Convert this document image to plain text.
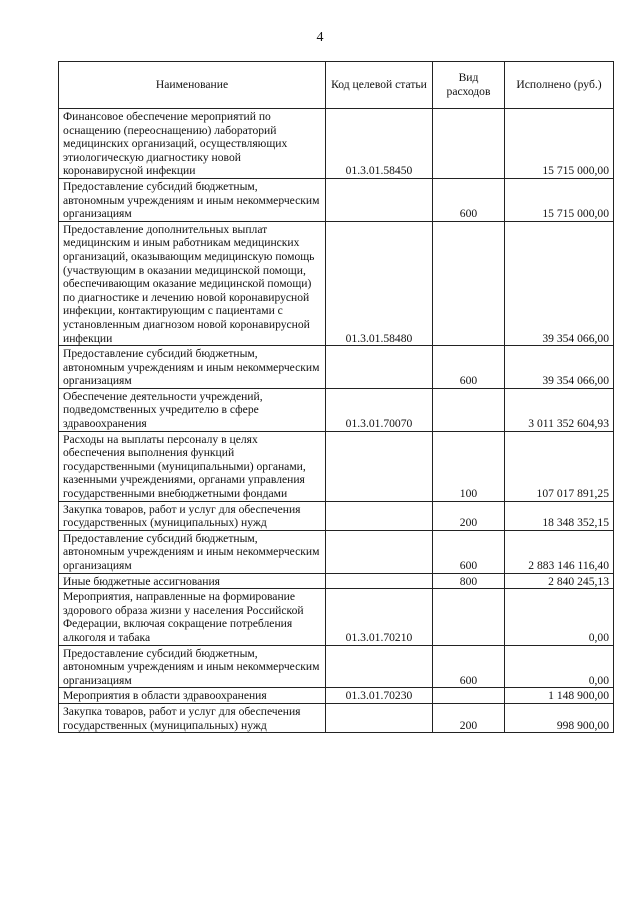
4
Наименование	Код целевой статьи	Вид расходов	Исполнено (руб.)
Финансовое обеспечение мероприятий по оснащению (переоснащению) лабораторий медицинских организаций, осуществляющих этиологическую диагностику новой коронавирусной инфекции	01.3.01.58450		15 715 000,00
Предоставление субсидий бюджетным, автономным учреждениям и иным некоммерческим организациям		600	15 715 000,00
Предоставление дополнительных выплат медицинским и иным работникам медицинских организаций, оказывающим медицинскую помощь (участвующим в оказании медицинской помощи, обеспечивающим оказание медицинской помощи) по диагностике и лечению новой коронавирусной инфекции, контактирующим с пациентами с установленным диагнозом новой коронавирусной инфекции	01.3.01.58480		39 354 066,00
Предоставление субсидий бюджетным, автономным учреждениям и иным некоммерческим организациям		600	39 354 066,00
Обеспечение деятельности учреждений, подведомственных учредителю в сфере здравоохранения	01.3.01.70070		3 011 352 604,93
Расходы на выплаты персоналу в целях обеспечения выполнения функций государственными (муниципальными) органами, казенными учреждениями, органами управления государственными внебюджетными фондами		100	107 017 891,25
Закупка товаров, работ и услуг для обеспечения государственных (муниципальных) нужд		200	18 348 352,15
Предоставление субсидий бюджетным, автономным учреждениям и иным некоммерческим организациям		600	2 883 146 116,40
Иные бюджетные ассигнования		800	2 840 245,13
Мероприятия, направленные на формирование здорового образа жизни у населения Российской Федерации, включая сокращение потребления алкоголя и табака	01.3.01.70210		0,00
Предоставление субсидий бюджетным, автономным учреждениям и иным некоммерческим организациям		600	0,00
Мероприятия в области здравоохранения	01.3.01.70230		1 148 900,00
Закупка товаров, работ и услуг для обеспечения государственных (муниципальных) нужд		200	998 900,00
